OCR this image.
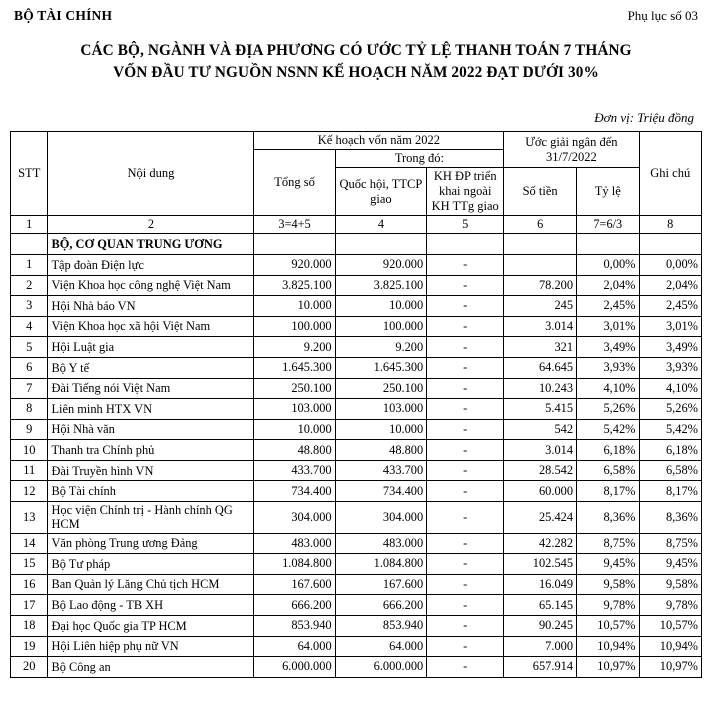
BỘ TÀI CHÍNH	Phụ lục số 03
CÁC BỘ, NGÀNH VÀ ĐỊA PHƯƠNG CÓ ƯỚC TỶ LỆ THANH TOÁN 7 THÁNG
VỐN ĐẦU TƯ NGUỒN NSNN KẾ HOẠCH NĂM 2022 ĐẠT DƯỚI 30%
Đơn vị: Triệu đồng
STT	Nội dung	Kế hoạch vốn năm 2022			Ước giải ngân đến 31/7/2022		Ghi chú
		Tổng số	Trong đó:				
			Quốc hội, TTCP giao	KH ĐP triển khai ngoài KH TTg giao	Số tiền	Tỷ lệ	
1	2	3=4+5	4	5	6	7=6/3	8
	BỘ, CƠ QUAN TRUNG ƯƠNG						
1	Tập đoàn Điện lực	920.000	920.000	-		0,00%	0,00%
2	Viện Khoa học công nghệ Việt Nam	3.825.100	3.825.100	-	78.200	2,04%	2,04%
3	Hội Nhà báo VN	10.000	10.000	-	245	2,45%	2,45%
4	Viện Khoa học xã hội Việt Nam	100.000	100.000	-	3.014	3,01%	3,01%
5	Hội Luật gia	9.200	9.200	-	321	3,49%	3,49%
6	Bộ Y tế	1.645.300	1.645.300	-	64.645	3,93%	3,93%
7	Đài Tiếng nói Việt Nam	250.100	250.100	-	10.243	4,10%	4,10%
8	Liên minh HTX VN	103.000	103.000	-	5.415	5,26%	5,26%
9	Hội Nhà văn	10.000	10.000	-	542	5,42%	5,42%
10	Thanh tra Chính phủ	48.800	48.800	-	3.014	6,18%	6,18%
11	Đài Truyền hình VN	433.700	433.700	-	28.542	6,58%	6,58%
12	Bộ Tài chính	734.400	734.400	-	60.000	8,17%	8,17%
13	Học viện Chính trị - Hành chính QG HCM	304.000	304.000	-	25.424	8,36%	8,36%
14	Văn phòng Trung ương Đảng	483.000	483.000	-	42.282	8,75%	8,75%
15	Bộ Tư pháp	1.084.800	1.084.800	-	102.545	9,45%	9,45%
16	Ban Quản lý Lăng Chủ tịch HCM	167.600	167.600	-	16.049	9,58%	9,58%
17	Bộ Lao động - TB XH	666.200	666.200	-	65.145	9,78%	9,78%
18	Đại học Quốc gia TP HCM	853.940	853.940	-	90.245	10,57%	10,57%
19	Hội Liên hiệp phụ nữ VN	64.000	64.000	-	7.000	10,94%	10,94%
20	Bộ Công an	6.000.000	6.000.000	-	657.914	10,97%	10,97%
